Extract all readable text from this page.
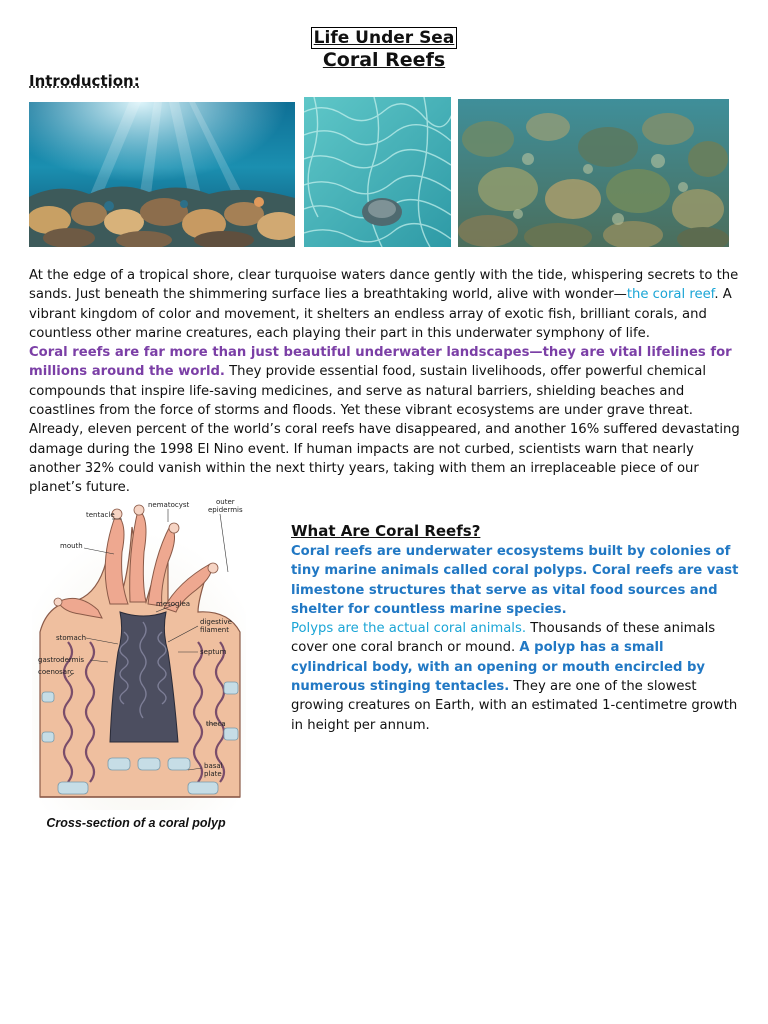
Life Under Sea
Coral Reefs
Introduction:

At the edge of a tropical shore, clear turquoise waters dance gently with the tide, whispering secrets to the sands. Just beneath the shimmering surface lies a breathtaking world, alive with wonder—the coral reef. A vibrant kingdom of color and movement, it shelters an endless array of exotic fish, brilliant corals, and countless other marine creatures, each playing their part in this underwater symphony of life.

Coral reefs are far more than just beautiful underwater landscapes—they are vital lifelines for millions around the world. They provide essential food, sustain livelihoods, offer powerful chemical compounds that inspire life-saving medicines, and serve as natural barriers, shielding beaches and coastlines from the force of storms and floods. Yet these vibrant ecosystems are under grave threat. Already, eleven percent of the world’s coral reefs have disappeared, and another 16% suffered devastating damage during the 1998 El Nino event. If human impacts are not curbed, scientists warn that nearly another 32% could vanish within the next thirty years, taking with them an irreplaceable piece of our planet’s future.

tentacle
nematocyst	outer
epidermis
mouth
mesoglea
digestive
filament
stomach
septum
gastrodermis
coenosarc
theca
basal
plate
Cross-section of a coral polyp
What Are Coral Reefs?

Coral reefs are underwater ecosystems built by colonies of tiny marine animals called coral polyps. Coral reefs are vast limestone structures that serve as vital food sources and shelter for countless marine species.
Polyps are the actual coral animals. Thousands of these animals cover one coral branch or mound. A polyp has a small cylindrical body, with an opening or mouth encircled by numerous stinging tentacles. They are one of the slowest growing creatures on Earth, with an estimated 1-centimetre growth in height per annum.
